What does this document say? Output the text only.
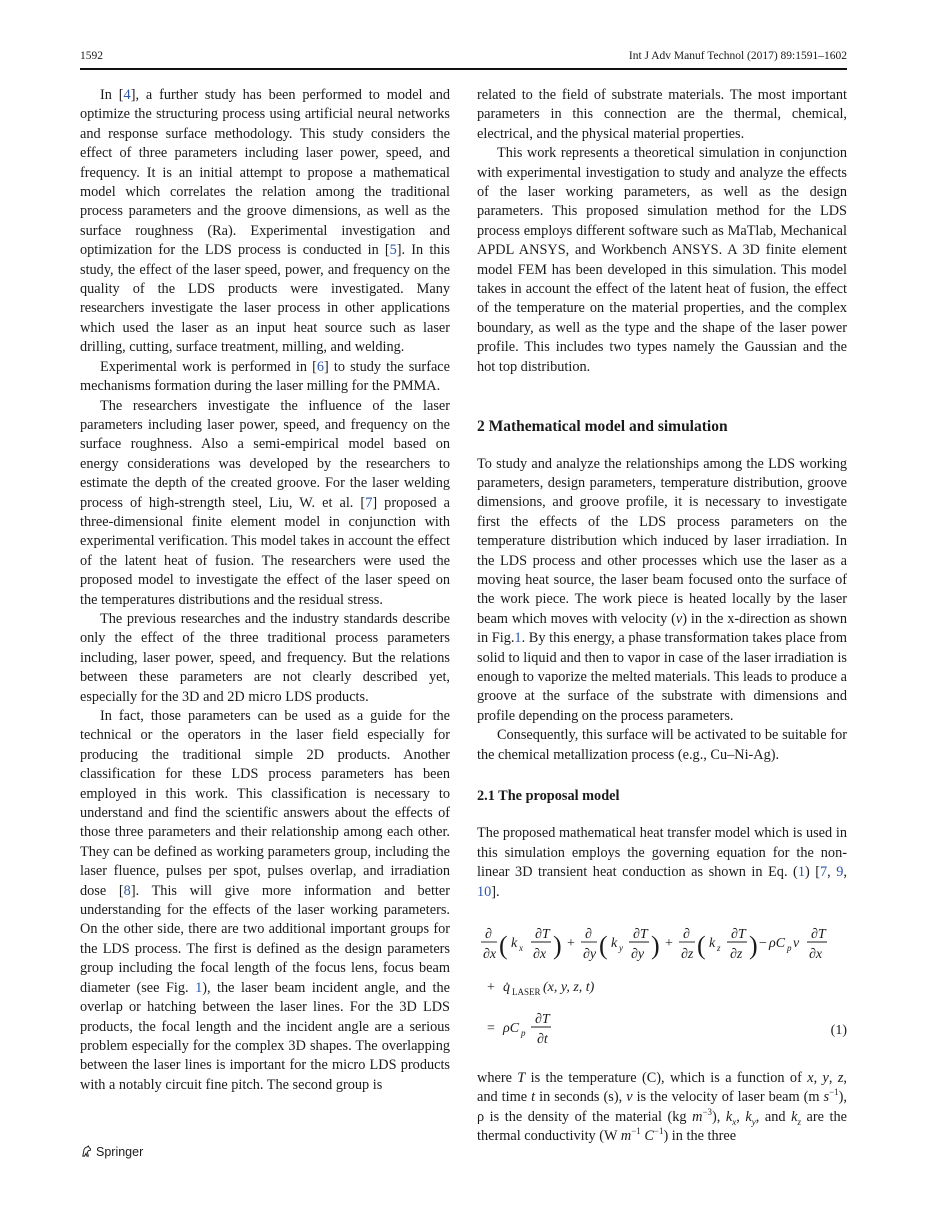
1592	Int J Adv Manuf Technol (2017) 89:1591–1602

In [4], a further study has been performed to model and optimize the structuring process using artificial neural networks and response surface methodology. This study considers the effect of three parameters including laser power, speed, and frequency. It is an initial attempt to propose a mathematical model which correlates the relation among the traditional process parameters and the groove dimensions, as well as the surface roughness (Ra). Experimental investigation and optimization for the LDS process is conducted in [5]. In this study, the effect of the laser speed, power, and frequency on the quality of the LDS products were investigated. Many researchers investigate the laser process in other applications which used the laser as an input heat source such as laser drilling, cutting, surface treatment, milling, and welding.

Experimental work is performed in [6] to study the surface mechanisms formation during the laser milling for the PMMA.

The researchers investigate the influence of the laser parameters including laser power, speed, and frequency on the surface roughness. Also a semi-empirical model based on energy considerations was developed by the researchers to estimate the depth of the created groove. For the laser welding process of high-strength steel, Liu, W. et al. [7] proposed a three-dimensional finite element model in conjunction with experimental verification. This model takes in account the effect of the latent heat of fusion. The researchers were used the proposed model to investigate the effect of the laser speed on the temperatures distributions and the residual stress.

The previous researches and the industry standards describe only the effect of the three traditional process parameters including, laser power, speed, and frequency. But the relations between these parameters are not clearly described yet, especially for the 3D and 2D micro LDS products.

In fact, those parameters can be used as a guide for the technical or the operators in the laser field especially for producing the traditional simple 2D products. Another classification for these LDS process parameters has been employed in this work. This classification is necessary to understand and find the scientific answers about the effects of those three parameters and their relationship among each other. They can be defined as working parameters group, including the laser fluence, pulses per spot, pulses overlap, and irradiation dose [8]. This will give more information and better understanding for the effects of the laser working parameters. On the other side, there are two additional important groups for the LDS process. The first is defined as the design parameters group including the focal length of the focus lens, focus beam diameter (see Fig. 1), the laser beam incident angle, and the overlap or hatching between the laser lines. For the 3D LDS products, the focal length and the incident angle are a serious problem especially for the complex 3D shapes. The overlapping between the laser lines is important for the micro LDS products with a notably circuit fine pitch. The second group is

related to the field of substrate materials. The most important parameters in this connection are the thermal, chemical, electrical, and the physical material properties.

This work represents a theoretical simulation in conjunction with experimental investigation to study and analyze the effects of the laser working parameters, as well as the design parameters. This proposed simulation method for the LDS process employs different software such as MaTlab, Mechanical APDL ANSYS, and Workbench ANSYS. A 3D finite element model FEM has been developed in this simulation. This model takes in account the effect of the latent heat of fusion, the effect of the temperature on the material properties, and the complex boundary, as well as the type and the shape of the laser power profile. This includes two types namely the Gaussian and the hot top distribution.

2 Mathematical model and simulation

To study and analyze the relationships among the LDS working parameters, design parameters, temperature distribution, groove dimensions, and groove profile, it is necessary to investigate first the effects of the LDS process parameters on the temperature distribution which induced by laser irradiation. In the LDS process and other processes which use the laser as a moving heat source, the laser beam focused onto the surface of the work piece. The work piece is heated locally by the laser beam which moves with velocity (v) in the x-direction as shown in Fig.1. By this energy, a phase transformation takes place from solid to liquid and then to vapor in case of the laser irradiation is enough to vaporize the melted materials. This leads to produce a groove at the surface of the substrate with dimensions and profile depending on the process parameters.

Consequently, this surface will be activated to be suitable for the chemical metallization process (e.g., Cu–Ni-Ag).

2.1 The proposal model

The proposed mathematical heat transfer model which is used in this simulation employs the governing equation for the non-linear 3D transient heat conduction as shown in Eq. (1) [7, 9, 10].

∂
∂x ( k x
∂T
∂x ) +
∂
∂y ( k y
∂T
∂y ) +
∂
∂z ( k z
∂T
∂z ) − ρC p v
∂T
∂x
+ q̇ LASER (x, y, z, t)
= ρC p
∂T
∂t
(1)

where T is the temperature (C), which is a function of x, y, z, and time t in seconds (s), v is the velocity of laser beam (m $s^{-1}$), ρ is the density of the material (kg $m^{-3}$), $k_x$, $k_y$, and $k_z$ are the thermal conductivity (W $m^{-1}$ $C^{-1}$) in the three

Springer
